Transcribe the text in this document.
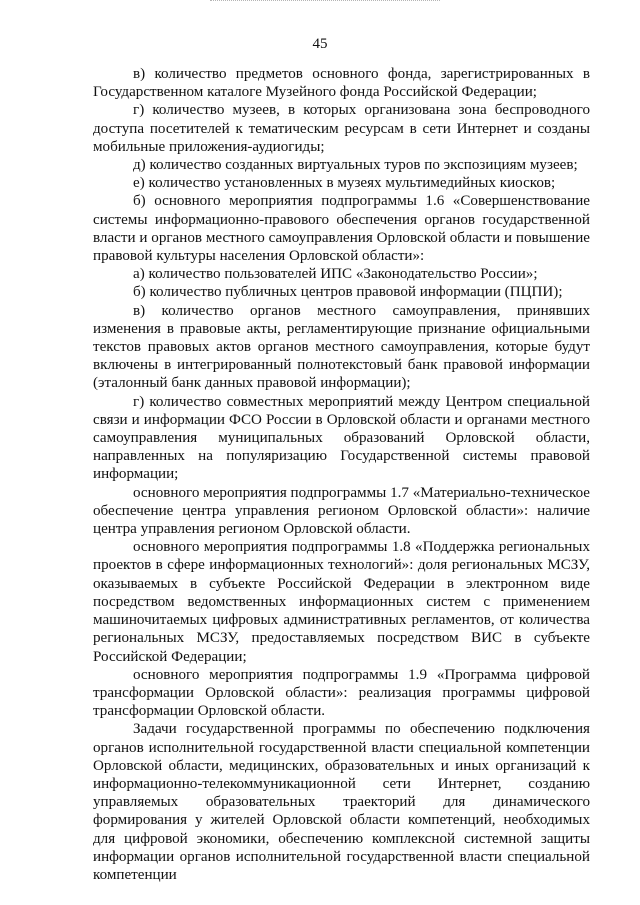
45

в) количество предметов основного фонда, зарегистрированных в Государственном каталоге Музейного фонда Российской Федерации;

г) количество музеев, в которых организована зона беспроводного доступа посетителей к тематическим ресурсам в сети Интернет и созданы мобильные приложения-аудиогиды;

д) количество созданных виртуальных туров по экспозициям музеев;

е) количество установленных в музеях мультимедийных киосков;

б) основного мероприятия подпрограммы 1.6 «Совершенствование системы информационно-правового обеспечения органов государственной власти и органов местного самоуправления Орловской области и повышение правовой культуры населения Орловской области»:

а) количество пользователей ИПС «Законодательство России»;

б) количество публичных центров правовой информации (ПЦПИ);

в) количество органов местного самоуправления, принявших изменения в правовые акты, регламентирующие признание официальными текстов правовых актов органов местного самоуправления, которые будут включены в интегрированный полнотекстовый банк правовой информации (эталонный банк данных правовой информации);

г) количество совместных мероприятий между Центром специальной связи и информации ФСО России в Орловской области и органами местного самоуправления муниципальных образований Орловской области, направленных на популяризацию Государственной системы правовой информации;

основного мероприятия подпрограммы 1.7 «Материально-техническое обеспечение центра управления регионом Орловской области»: наличие центра управления регионом Орловской области.

основного мероприятия подпрограммы 1.8 «Поддержка региональных проектов в сфере информационных технологий»: доля региональных МСЗУ, оказываемых в субъекте Российской Федерации в электронном виде посредством ведомственных информационных систем с применением машиночитаемых цифровых административных регламентов, от количества региональных МСЗУ, предоставляемых посредством ВИС в субъекте Российской Федерации;

основного мероприятия подпрограммы 1.9 «Программа цифровой трансформации Орловской области»: реализация программы цифровой трансформации Орловской области.

Задачи государственной программы по обеспечению подключения органов исполнительной государственной власти специальной компетенции Орловской области, медицинских, образовательных и иных организаций к информационно-телекоммуникационной сети Интернет, созданию управляемых образовательных траекторий для динамического формирования у жителей Орловской области компетенций, необходимых для цифровой экономики, обеспечению комплексной системной защиты информации органов исполнительной государственной власти специальной компетенции
